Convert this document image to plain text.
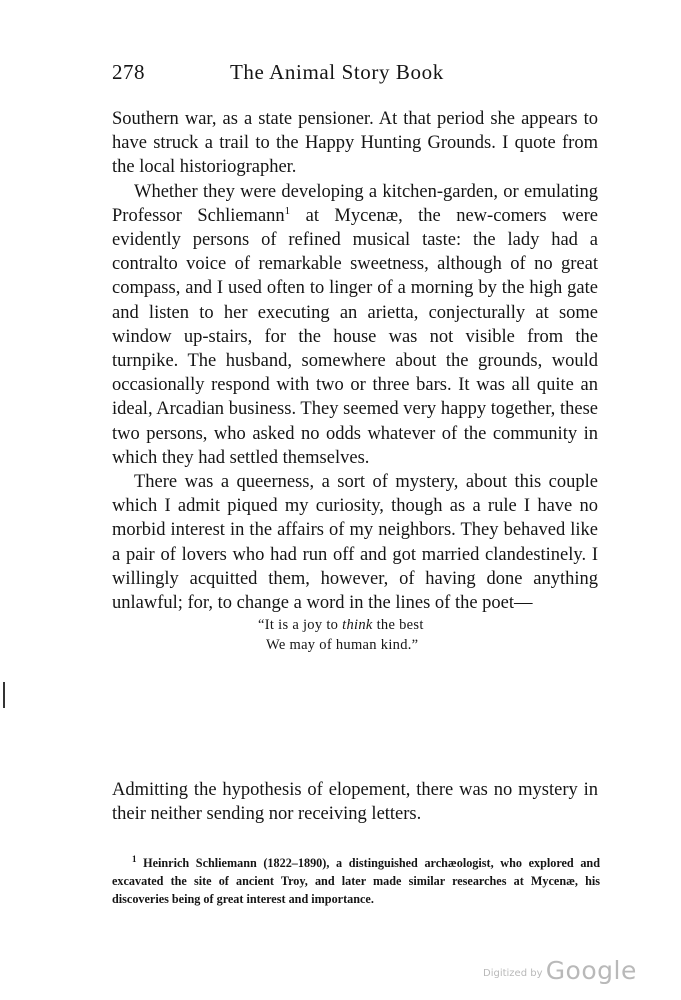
278	The Animal Story Book

Southern war, as a state pensioner. At that period she appears to have struck a trail to the Happy Hunting Grounds. I quote from the local historiographer.

Whether they were developing a kitchen-garden, or emulating Professor Schliemann$^1$ at Mycenæ, the new-comers were evidently persons of refined musical taste: the lady had a contralto voice of remarkable sweetness, although of no great compass, and I used often to linger of a morning by the high gate and listen to her executing an arietta, conjecturally at some window up-stairs, for the house was not visible from the turnpike. The husband, somewhere about the grounds, would occasionally respond with two or three bars. It was all quite an ideal, Arcadian business. They seemed very happy together, these two persons, who asked no odds whatever of the community in which they had settled themselves.

There was a queerness, a sort of mystery, about this couple which I admit piqued my curiosity, though as a rule I have no morbid interest in the affairs of my neighbors. They behaved like a pair of lovers who had run off and got married clandestinely. I willingly acquitted them, however, of having done anything unlawful; for, to change a word in the lines of the poet—

“It is a joy to think the best
We may of human kind.”

Admitting the hypothesis of elopement, there was no mystery in their neither sending nor receiving letters.

$^1$ Heinrich Schliemann (1822–1890), a distinguished archæologist, who explored and excavated the site of ancient Troy, and later made similar researches at Mycenæ, his discoveries being of great interest and importance.

Digitized by Google
